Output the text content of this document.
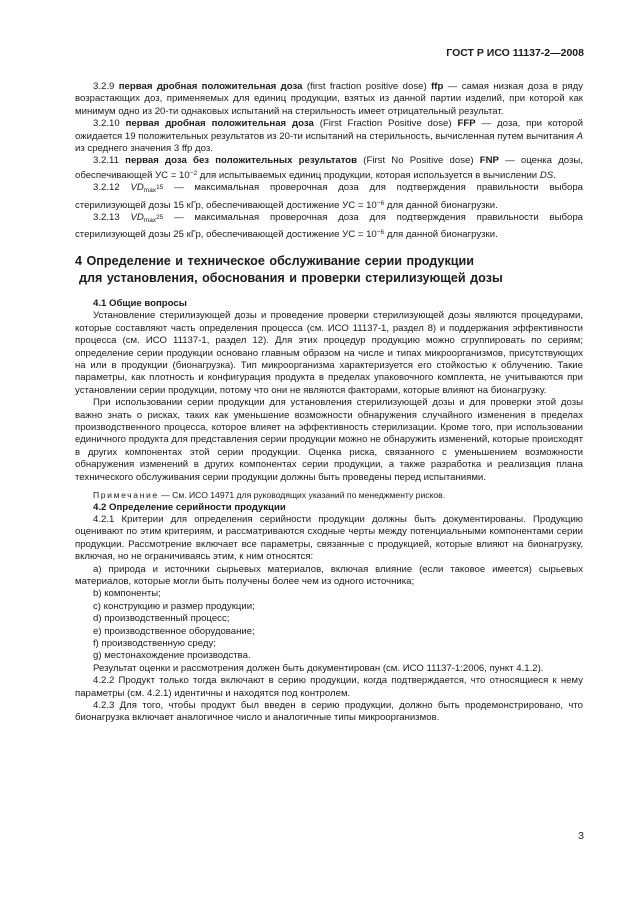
ГОСТ Р ИСО 11137-2—2008

3.2.9 первая дробная положительная доза (first fraction positive dose) ffp — самая низкая доза в ряду возрастающих доз, применяемых для единиц продукции, взятых из данной партии изделий, при которой как минимум одно из 20-ти однаковых испытаний на стерильность имеет отрицательный результат.

3.2.10 первая дробная положительная доза (First Fraction Positive dose) FFP — доза, при которой ожидается 19 положительных результатов из 20-ти испытаний на стерильность, вычисленная путем вычитания A из среднего значения 3 ffp доз.

3.2.11 первая доза без положительных результатов (First No Positive dose) FNP — оценка дозы, обеспечивающей УС = $10^{-2}$ для испытываемых единиц продукции, которая используется в вычислении DS.

3.2.12 $VD_{max15}$ — максимальная проверочная доза для подтверждения правильности выбора стерилизующей дозы 15 кГр, обеспечивающей достижение УС = $10^{-6}$ для данной бионагрузки.

3.2.13 $VD_{max25}$ — максимальная проверочная доза для подтверждения правильности выбора стерилизующей дозы 25 кГр, обеспечивающей достижение УС = $10^{-6}$ для данной бионагрузки.

4 Определение и техническое обслуживание серии продукции
для установления, обоснования и проверки стерилизующей дозы

4.1 Общие вопросы

Установление стерилизующей дозы и проведение проверки стерилизующей дозы являются процедурами, которые составляют часть определения процесса (см. ИСО 11137-1, раздел 8) и поддержания эффективности процесса (см. ИСО 11137-1, раздел 12). Для этих процедур продукцию можно сгруппировать по сериям; определение серии продукции основано главным образом на числе и типах микроорганизмов, присутствующих на или в продукции (бионагрузка). Тип микроорганизма характеризуется его стойкостью к облучению. Такие параметры, как плотность и конфигурация продукта в пределах упаковочного комплекта, не учитываются при установлении серии продукции, потому что они не являются факторами, которые влияют на бионагрузку.

При использовании серии продукции для установления стерилизующей дозы и для проверки этой дозы важно знать о рисках, таких как уменьшение возможности обнаружения случайного изменения в пределах производственного процесса, которое влияет на эффективность стерилизации. Кроме того, при использовании единичного продукта для представления серии продукции можно не обнаружить изменений, которые происходят в других компонентах этой серии продукции. Оценка риска, связанного с уменьшением возможности обнаружения изменений в других компонентах серии продукции, а также разработка и реализация плана технического обслуживания серии продукции должны быть проведены перед испытаниями.

Примечание — См. ИСО 14971 для руководящих указаний по менеджменту рисков.

4.2 Определение серийности продукции

4.2.1 Критерии для определения серийности продукции должны быть документированы. Продукцию оценивают по этим критериям, и рассматриваются сходные черты между потенциальными компонентами серии продукции. Рассмотрение включает все параметры, связанные с продукцией, которые влияют на бионагрузку, включая, но не ограничиваясь этим, к ним относятся:

a) природа и источники сырьевых материалов, включая влияние (если таковое имеется) сырьевых материалов, которые могли быть получены более чем из одного источника;

b) компоненты;

c) конструкцию и размер продукции;

d) производственный процесс;

e) производственное оборудование;

f) производственную среду;

g) местонахождение производства.

Результат оценки и рассмотрения должен быть документирован (см. ИСО 11137-1:2006, пункт 4.1.2).

4.2.2 Продукт только тогда включают в серию продукции, когда подтверждается, что относящиеся к нему параметры (см. 4.2.1) идентичны и находятся под контролем.

4.2.3 Для того, чтобы продукт был введен в серию продукции, должно быть продемонстрировано, что бионагрузка включает аналогичное число и аналогичные типы микроорганизмов.

3
